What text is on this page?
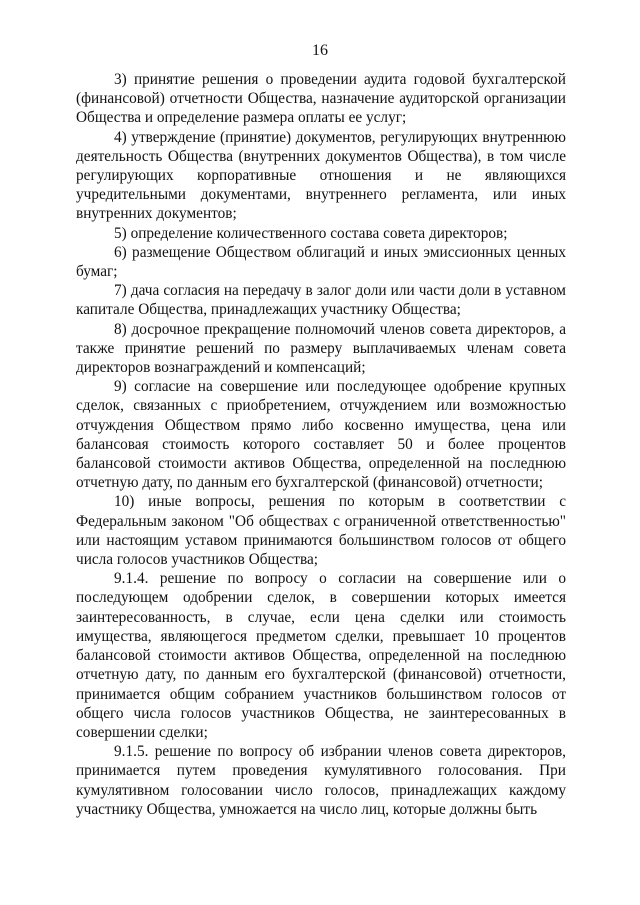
16

3) принятие решения о проведении аудита годовой бухгалтерской (финансовой) отчетности Общества, назначение аудиторской организации Общества и определение размера оплаты ее услуг;

4) утверждение (принятие) документов, регулирующих внутреннюю деятельность Общества (внутренних документов Общества), в том числе регулирующих корпоративные отношения и не являющихся учредительными документами, внутреннего регламента, или иных внутренних документов;

5) определение количественного состава совета директоров;

6) размещение Обществом облигаций и иных эмиссионных ценных бумаг;

7) дача согласия на передачу в залог доли или части доли в уставном капитале Общества, принадлежащих участнику Общества;

8) досрочное прекращение полномочий членов совета директоров, а также принятие решений по размеру выплачиваемых членам совета директоров вознаграждений и компенсаций;

9) согласие на совершение или последующее одобрение крупных сделок, связанных с приобретением, отчуждением или возможностью отчуждения Обществом прямо либо косвенно имущества, цена или балансовая стоимость которого составляет 50 и более процентов балансовой стоимости активов Общества, определенной на последнюю отчетную дату, по данным его бухгалтерской (финансовой) отчетности;

10) иные вопросы, решения по которым в соответствии с Федеральным законом "Об обществах с ограниченной ответственностью" или настоящим уставом принимаются большинством голосов от общего числа голосов участников Общества;

9.1.4. решение по вопросу о согласии на совершение или о последующем одобрении сделок, в совершении которых имеется заинтересованность, в случае, если цена сделки или стоимость имущества, являющегося предметом сделки, превышает 10 процентов балансовой стоимости активов Общества, определенной на последнюю отчетную дату, по данным его бухгалтерской (финансовой) отчетности, принимается общим собранием участников большинством голосов от общего числа голосов участников Общества, не заинтересованных в совершении сделки;

9.1.5. решение по вопросу об избрании членов совета директоров, принимается путем проведения кумулятивного голосования. При кумулятивном голосовании число голосов, принадлежащих каждому участнику Общества, умножается на число лиц, которые должны быть
